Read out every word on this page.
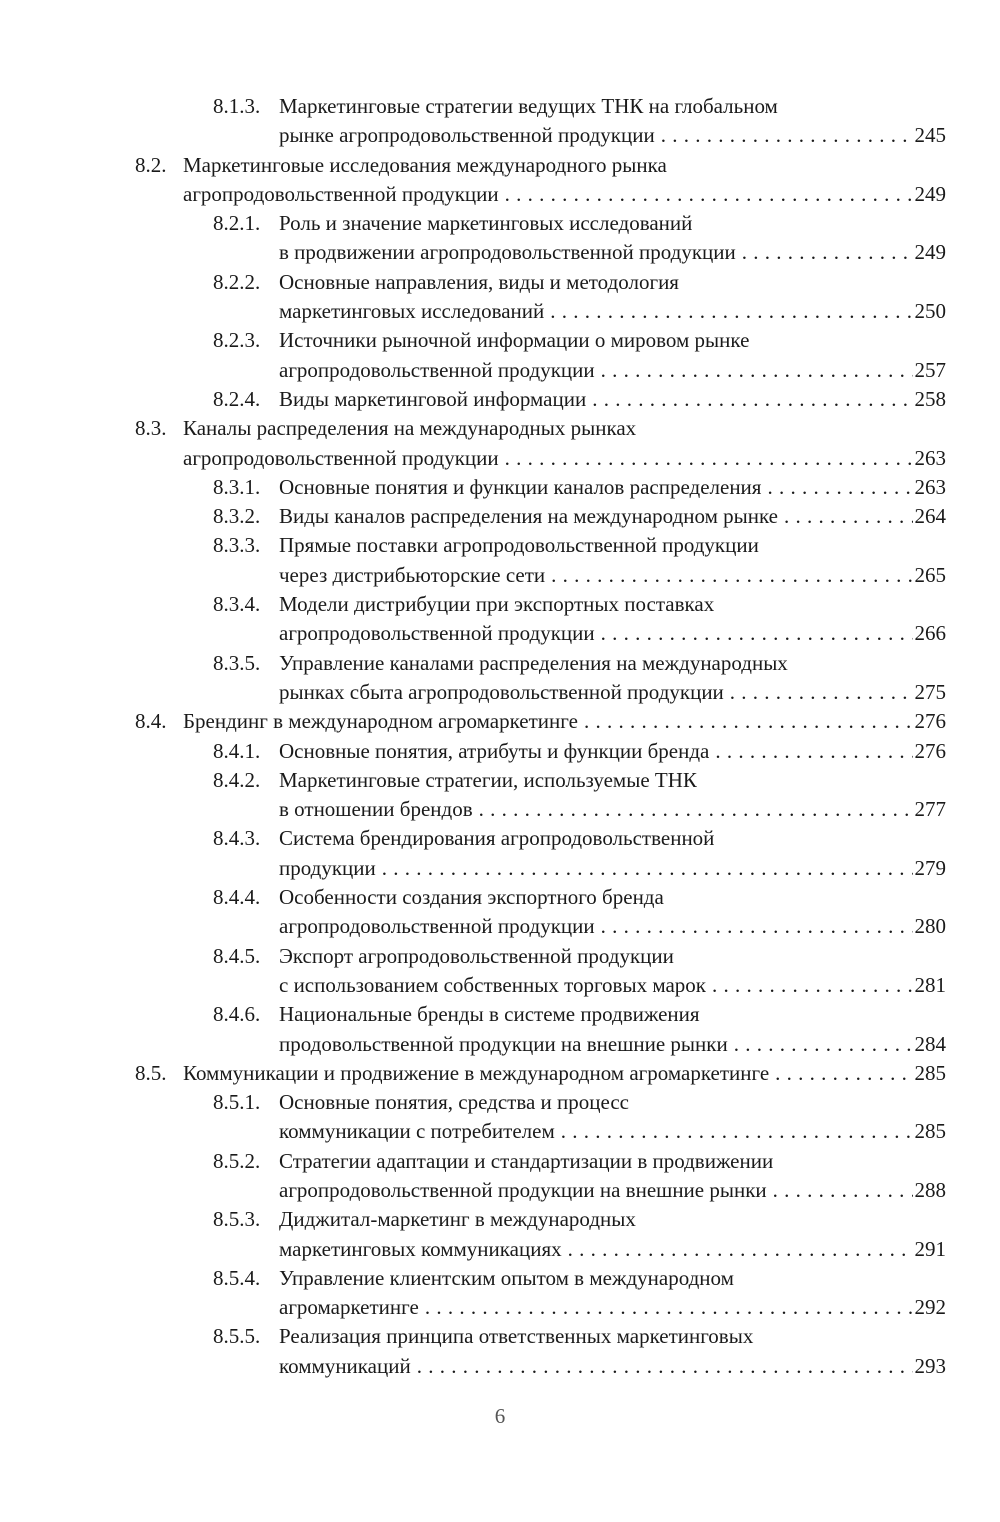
8.1.3. Маркетинговые стратегии ведущих ТНК на глобальном
рынке агропродовольственной продукции . . .	245
8.2. Маркетинговые исследования международного рынка
агропродовольственной продукции . . .	249
8.2.1. Роль и значение маркетинговых исследований
в продвижении агропродовольственной продукции . . .	249
8.2.2. Основные направления, виды и методология
маркетинговых исследований . . .	250
8.2.3. Источники рыночной информации о мировом рынке
агропродовольственной продукции . . .	257
8.2.4. Виды маркетинговой информации . . .	258
8.3. Каналы распределения на международных рынках
агропродовольственной продукции . . .	263
8.3.1. Основные понятия и функции каналов распределения . . .	263
8.3.2. Виды каналов распределения на международном рынке . . .	264
8.3.3. Прямые поставки агропродовольственной продукции
через дистрибьюторские сети . . .	265
8.3.4. Модели дистрибуции при экспортных поставках
агропродовольственной продукции . . .	266
8.3.5. Управление каналами распределения на международных
рынках сбыта агропродовольственной продукции . . .	275
8.4. Брендинг в международном агромаркетинге . . .	276
8.4.1. Основные понятия, атрибуты и функции бренда . . .	276
8.4.2. Маркетинговые стратегии, используемые ТНК
в отношении брендов . . .	277
8.4.3. Система брендирования агропродовольственной
продукции . . .	279
8.4.4. Особенности создания экспортного бренда
агропродовольственной продукции . . .	280
8.4.5. Экспорт агропродовольственной продукции
с использованием собственных торговых марок . . .	281
8.4.6. Национальные бренды в системе продвижения
продовольственной продукции на внешние рынки . . .	284
8.5. Коммуникации и продвижение в международном агромаркетинге . . .	285
8.5.1. Основные понятия, средства и процесс
коммуникации с потребителем . . .	285
8.5.2. Стратегии адаптации и стандартизации в продвижении
агропродовольственной продукции на внешние рынки . . .	288
8.5.3. Диджитал-маркетинг в международных
маркетинговых коммуникациях . . .	291
8.5.4. Управление клиентским опытом в международном
агромаркетинге . . .	292
8.5.5. Реализация принципа ответственных маркетинговых
коммуникаций . . .	293
6
